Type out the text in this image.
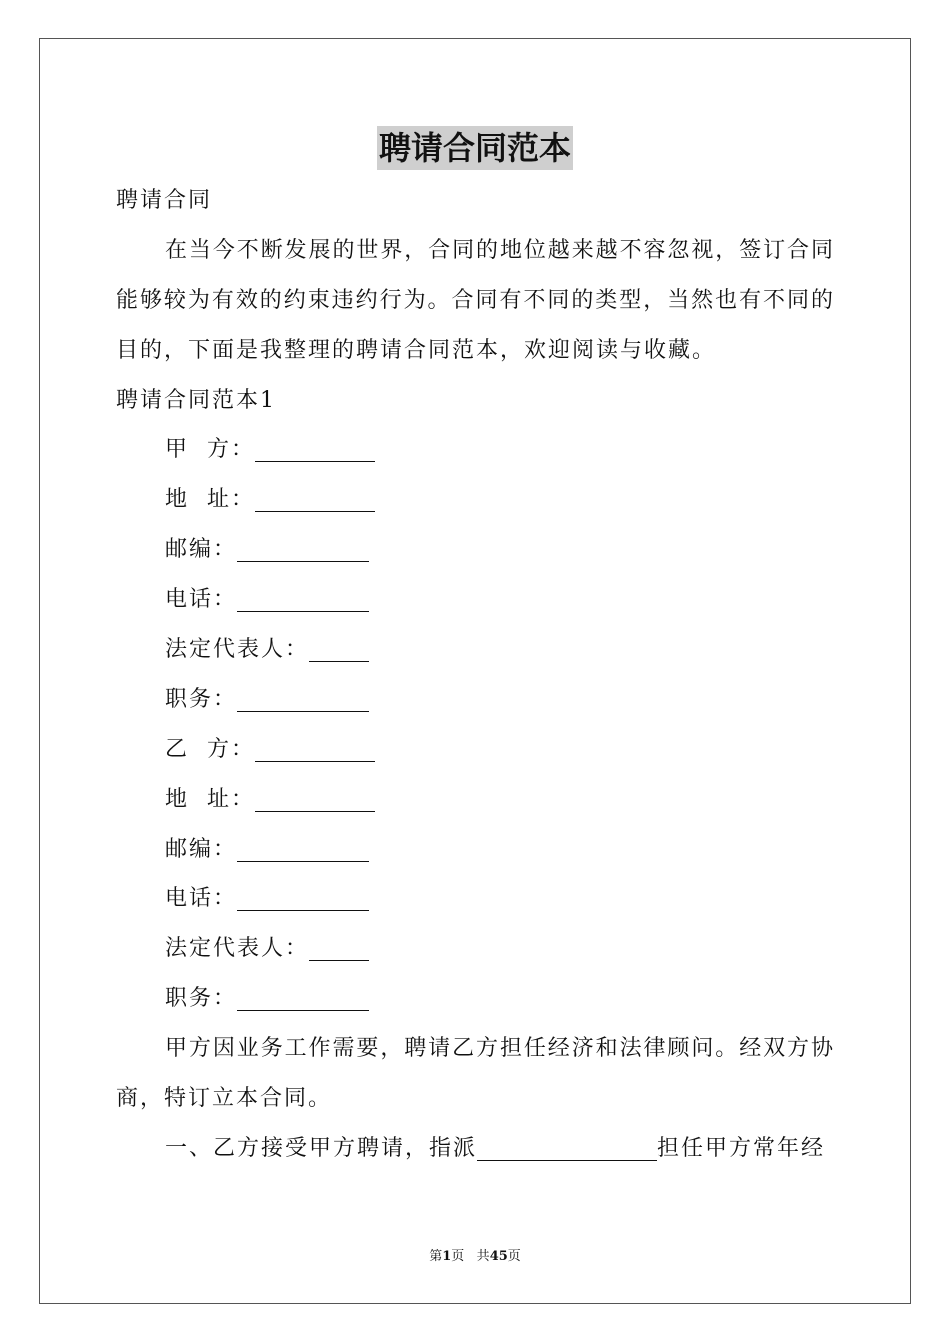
聘请合同范本
聘请合同
在当今不断发展的世界，合同的地位越来越不容忽视，签订合同
能够较为有效的约束违约行为。合同有不同的类型，当然也有不同的
目的，下面是我整理的聘请合同范本，欢迎阅读与收藏。
聘请合同范本1
甲  方：
地  址：
邮编：
电话：
法定代表人：
职务：
乙  方：
地  址：
邮编：
电话：
法定代表人：
职务：
甲方因业务工作需要，聘请乙方担任经济和法律顾问。经双方协
商，特订立本合同。
一、乙方接受甲方聘请，指派	担任甲方常年经
第1页 共45页
